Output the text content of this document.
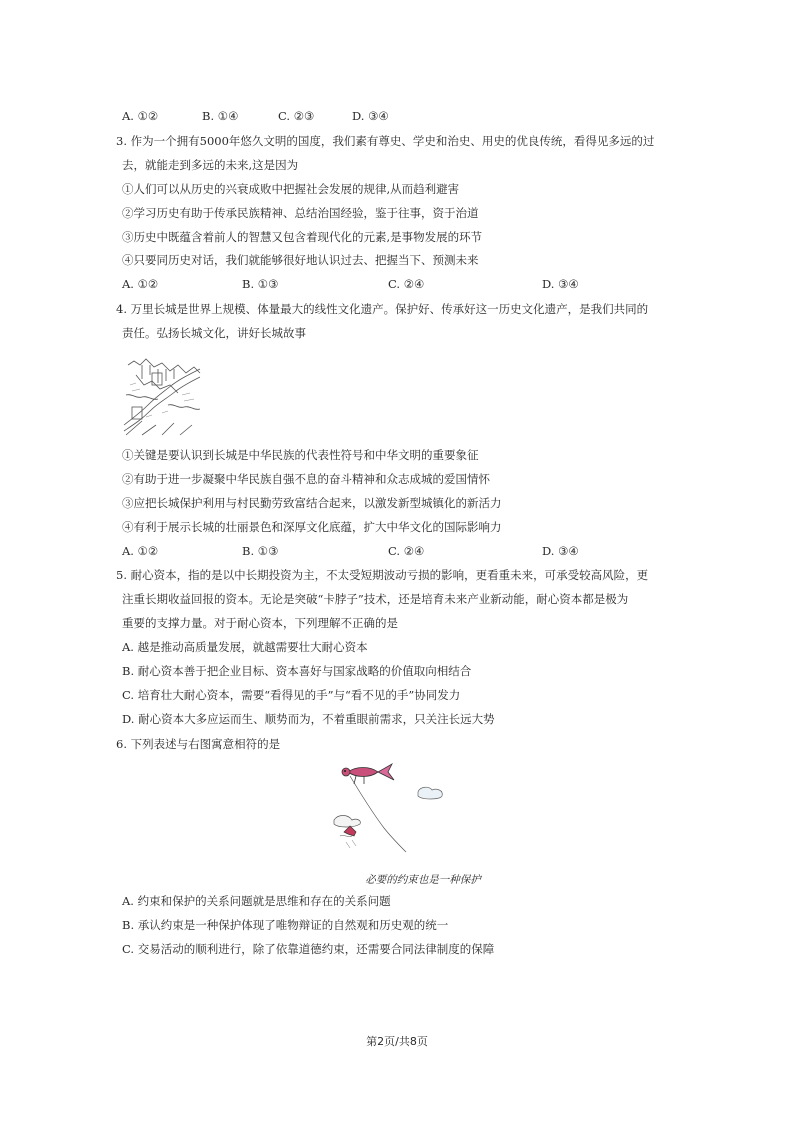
A. ①②	B. ①④	C. ②③	D. ③④
3. 作为一个拥有5000年悠久文明的国度，我们素有尊史、学史和治史、用史的优良传统，看得见多远的过
去，就能走到多远的未来,这是因为
①人们可以从历史的兴衰成败中把握社会发展的规律,从而趋利避害
②学习历史有助于传承民族精神、总结治国经验，鉴于往事，资于治道
③历史中既蕴含着前人的智慧又包含着现代化的元素,是事物发展的环节
④只要同历史对话，我们就能够很好地认识过去、把握当下、预测未来
A. ①②	B. ①③	C. ②④	D. ③④
4. 万里长城是世界上规模、体量最大的线性文化遗产。保护好、传承好这一历史文化遗产，是我们共同的
责任。弘扬长城文化，讲好长城故事
①关键是要认识到长城是中华民族的代表性符号和中华文明的重要象征
②有助于进一步凝聚中华民族自强不息的奋斗精神和众志成城的爱国情怀
③应把长城保护利用与村民勤劳致富结合起来，以激发新型城镇化的新活力
④有利于展示长城的壮丽景色和深厚文化底蕴，扩大中华文化的国际影响力
A. ①②	B. ①③	C. ②④	D. ③④
5. 耐心资本，指的是以中长期投资为主，不太受短期波动亏损的影响，更看重未来，可承受较高风险，更
注重长期收益回报的资本。无论是突破“卡脖子”技术，还是培育未来产业新动能，耐心资本都是极为
重要的支撑力量。对于耐心资本，下列理解不正确的是
A. 越是推动高质量发展，就越需要壮大耐心资本
B. 耐心资本善于把企业目标、资本喜好与国家战略的价值取向相结合
C. 培育壮大耐心资本，需要“看得见的手”与“看不见的手”协同发力
D. 耐心资本大多应运而生、顺势而为，不着重眼前需求，只关注长远大势
6. 下列表述与右图寓意相符的是
必要的约束也是一种保护
A. 约束和保护的关系问题就是思维和存在的关系问题
B. 承认约束是一种保护体现了唯物辩证的自然观和历史观的统一
C. 交易活动的顺利进行，除了依靠道德约束，还需要合同法律制度的保障
第2页/共8页
